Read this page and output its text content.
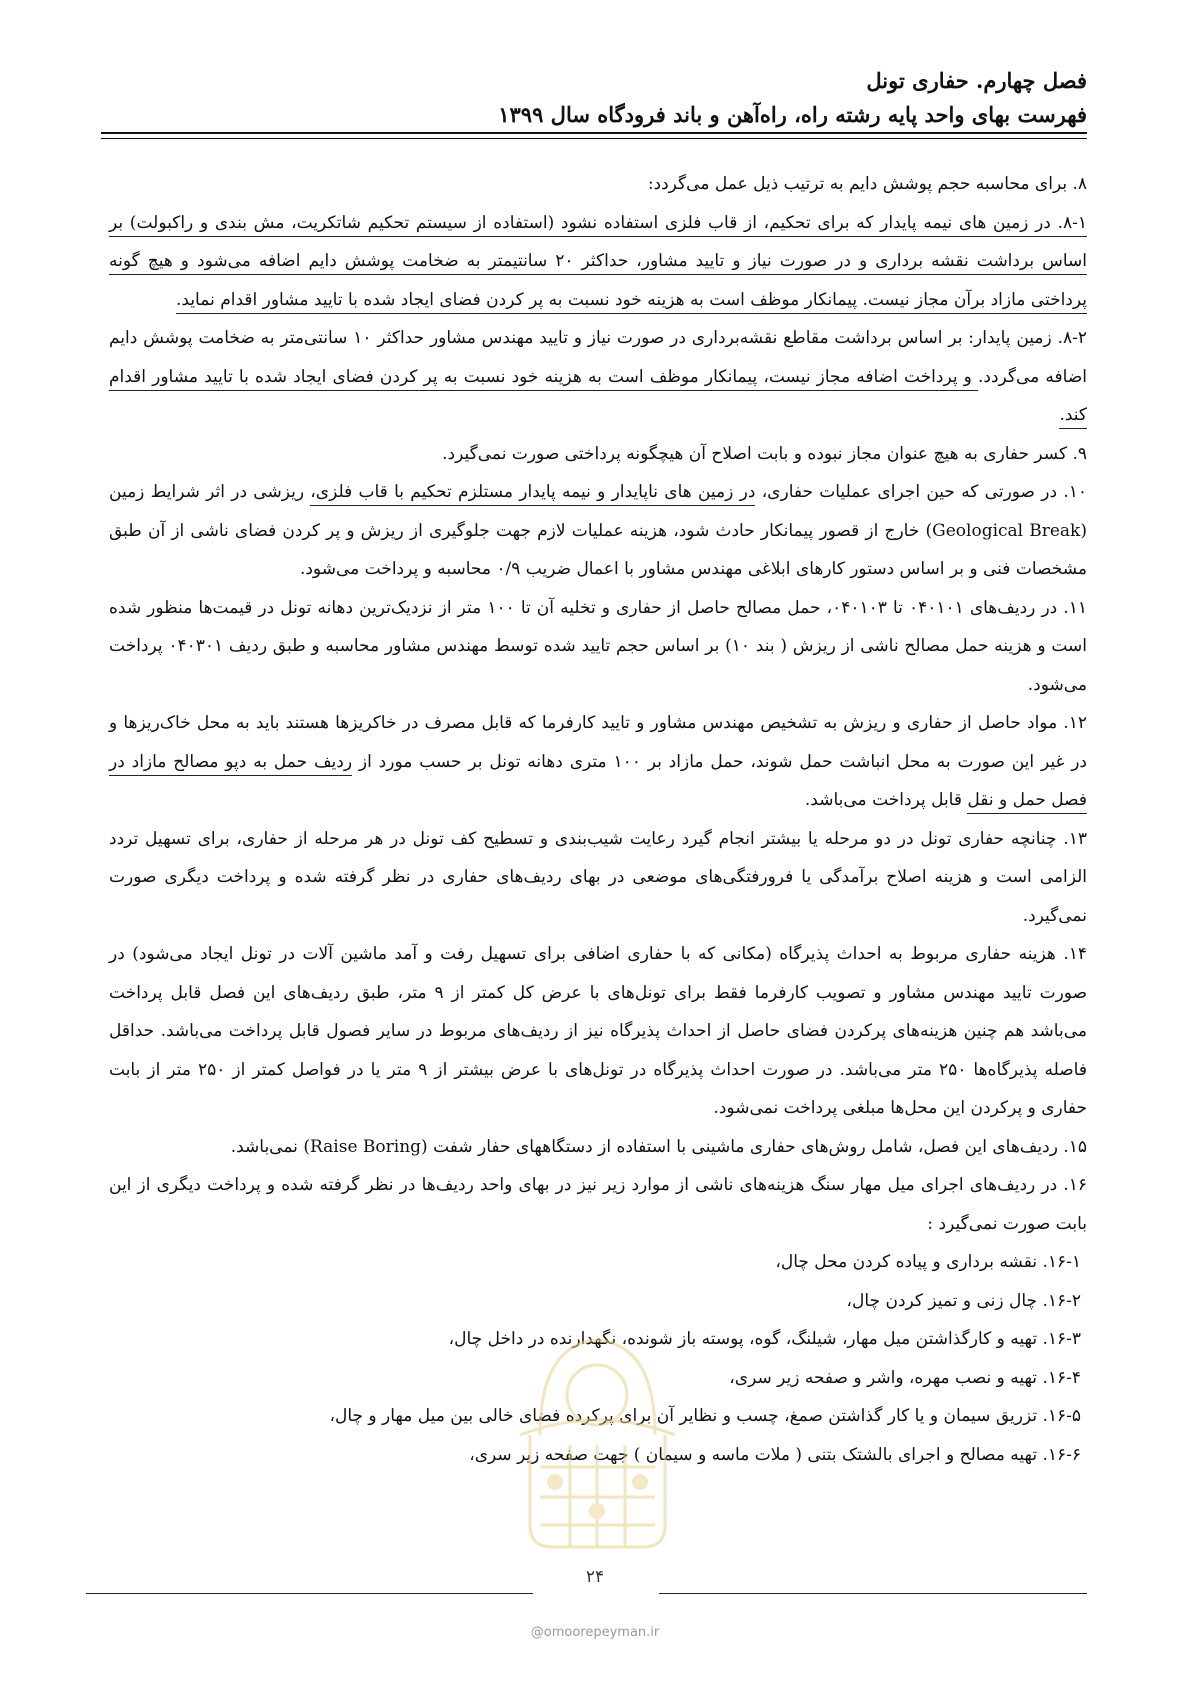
فصل چهارم. حفاری تونل
فهرست بهای واحد پایه رشته راه، راه‌آهن و باند فرودگاه سال ۱۳۹۹

۸. برای محاسبه حجم پوشش دایم به ترتیب ذیل عمل می‌گردد:

۸-۱. در زمین های نیمه پایدار که برای تحکیم، از قاب فلزی استفاده نشود (استفاده از سیستم تحکیم شاتکریت، مش بندی و راکبولت) بر اساس برداشت نقشه برداری و در صورت نیاز و تایید مشاور، حداکثر ۲۰ سانتیمتر به ضخامت پوشش دایم اضافه می‌شود و هیچ گونه پرداختی مازاد برآن مجاز نیست. پیمانکار موظف است به هزینه خود نسبت به پر کردن فضای ایجاد شده با تایید مشاور اقدام نماید.

۸-۲. زمین پایدار: بر اساس برداشت مقاطع نقشه‌برداری در صورت نیاز و تایید مهندس مشاور حداکثر ۱۰ سانتی‌متر به ضخامت پوشش دایم اضافه می‌گردد. و پرداخت اضافه مجاز نیست، پیمانکار موظف است به هزینه خود نسبت به پر کردن فضای ایجاد شده با تایید مشاور اقدام کند.

۹. کسر حفاری به هیچ عنوان مجاز نبوده و بابت اصلاح آن هیچگونه پرداختی صورت نمی‌گیرد.

۱۰. در صورتی که حین اجرای عملیات حفاری، در زمین های ناپایدار و نیمه پایدار مستلزم تحکیم با قاب فلزی، ریزشی در اثر شرایط زمین (Geological Break) خارج از قصور پیمانکار حادث شود، هزینه عملیات لازم جهت جلوگیری از ریزش و پر کردن فضای ناشی از آن طبق مشخصات فنی و بر اساس دستور کارهای ابلاغی مهندس مشاور با اعمال ضریب ۰/۹ محاسبه و پرداخت می‌شود.

۱۱. در ردیف‌های ۰۴۰۱۰۱ تا ۰۴۰۱۰۳، حمل مصالح حاصل از حفاری و تخلیه آن تا ۱۰۰ متر از نزدیک‌ترین دهانه تونل در قیمت‌ها منظور شده است و هزینه حمل مصالح ناشی از ریزش ( بند ۱۰) بر اساس حجم تایید شده توسط مهندس مشاور محاسبه و طبق ردیف ۰۴۰۳۰۱ پرداخت می‌شود.

۱۲. مواد حاصل از حفاری و ریزش به تشخیص مهندس مشاور و تایید کارفرما که قابل مصرف در خاکریزها هستند باید به محل خاک‌ریزها و در غیر این صورت به محل انباشت حمل شوند، حمل مازاد بر ۱۰۰ متری دهانه تونل بر حسب مورد از ردیف حمل به دپو مصالح مازاد در فصل حمل و نقل قابل پرداخت می‌باشد.

۱۳. چنانچه حفاری تونل در دو مرحله یا بیشتر انجام گیرد رعایت شیب‌بندی و تسطیح کف تونل در هر مرحله از حفاری، برای تسهیل تردد الزامی است و هزینه اصلاح برآمدگی یا فرورفتگی‌های موضعی در بهای ردیف‌های حفاری در نظر گرفته شده و پرداخت دیگری صورت نمی‌گیرد.

۱۴. هزینه حفاری مربوط به احداث پذیرگاه (مکانی که با حفاری اضافی برای تسهیل رفت و آمد ماشین آلات در تونل ایجاد می‌شود) در صورت تایید مهندس مشاور و تصویب کارفرما فقط برای تونل‌های با عرض کل کمتر از ۹ متر، طبق ردیف‌های این فصل قابل پرداخت می‌باشد هم چنین هزینه‌های پرکردن فضای حاصل از احداث پذیرگاه نیز از ردیف‌های مربوط در سایر فصول قابل پرداخت می‌باشد. حداقل فاصله پذیرگاه‌ها ۲۵۰ متر می‌باشد. در صورت احداث پذیرگاه در تونل‌های با عرض بیشتر از ۹ متر یا در فواصل کمتر از ۲۵۰ متر از بابت حفاری و پرکردن این محل‌ها مبلغی پرداخت نمی‌شود.

۱۵. ردیف‌های این فصل، شامل روش‌های حفاری ماشینی با استفاده از دستگاههای حفار شفت (Raise Boring) نمی‌باشد.

۱۶. در ردیف‌های اجرای میل مهار سنگ هزینه‌های ناشی از موارد زیر نیز در بهای واحد ردیف‌ها در نظر گرفته شده و پرداخت دیگری از این بابت صورت نمی‌گیرد :

۱۶-۱. نقشه برداری و پیاده کردن محل چال،

۱۶-۲. چال زنی و تمیز کردن چال،

۱۶-۳. تهیه و کارگذاشتن میل مهار، شیلنگ، گوه، پوسته باز شونده، نگهدارنده در داخل چال،

۱۶-۴. تهیه و نصب مهره، واشر و صفحه زیر سری،

۱۶-۵. تزریق سیمان و یا کار گذاشتن صمغ، چسب و نظایر آن برای پرکرده فضای خالی بین میل مهار و چال،

۱۶-۶. تهیه مصالح و اجرای بالشتک بتنی ( ملات ماسه و سیمان ) جهت صفحه زیر سری،

۲۴
@omoorepeyman.ir
